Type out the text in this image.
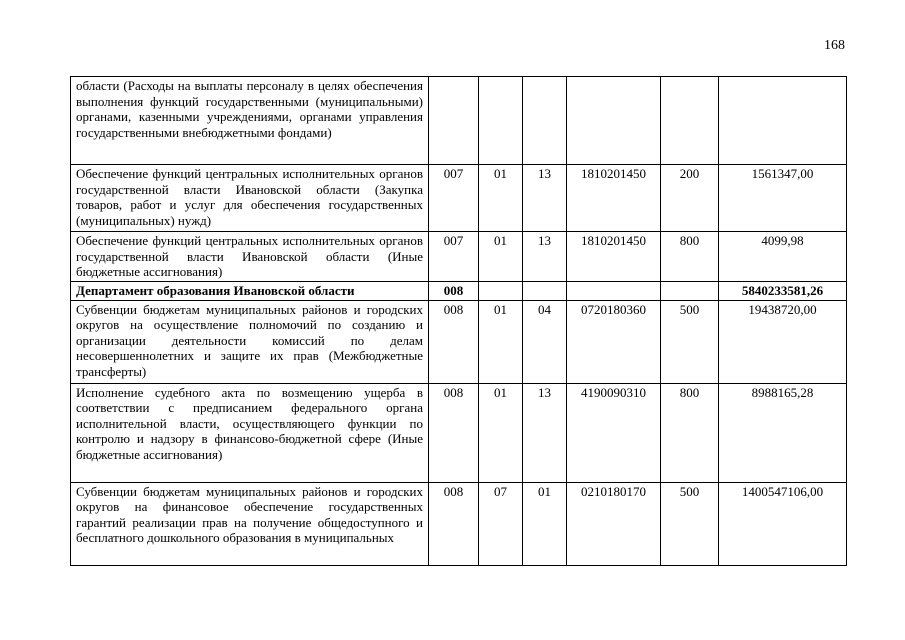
168
области (Расходы на выплаты персоналу в целях обеспечения выполнения функций государственными (муниципальными) органами, казенными учреждениями, органами управления государственными внебюджетными фондами)						
Обеспечение функций центральных исполнительных органов государственной власти Ивановской области (Закупка товаров, работ и услуг для обеспечения государственных (муниципальных) нужд)	007	01	13	1810201450	200	1561347,00
Обеспечение функций центральных исполнительных органов государственной власти Ивановской области (Иные бюджетные ассигнования)	007	01	13	1810201450	800	4099,98
Департамент образования Ивановской области	008					5840233581,26
Субвенции бюджетам муниципальных районов и городских округов на осуществление полномочий по созданию и организации деятельности комиссий по делам несовершеннолетних и защите их прав (Межбюджетные трансферты)	008	01	04	0720180360	500	19438720,00
Исполнение судебного акта по возмещению ущерба в соответствии с предписанием федерального органа исполнительной власти, осуществляющего функции по контролю и надзору в финансово-бюджетной сфере (Иные бюджетные ассигнования)	008	01	13	4190090310	800	8988165,28
Субвенции бюджетам муниципальных районов и городских округов на финансовое обеспечение государственных гарантий реализации прав на получение общедоступного и бесплатного дошкольного образования в муниципальных	008	07	01	0210180170	500	1400547106,00
